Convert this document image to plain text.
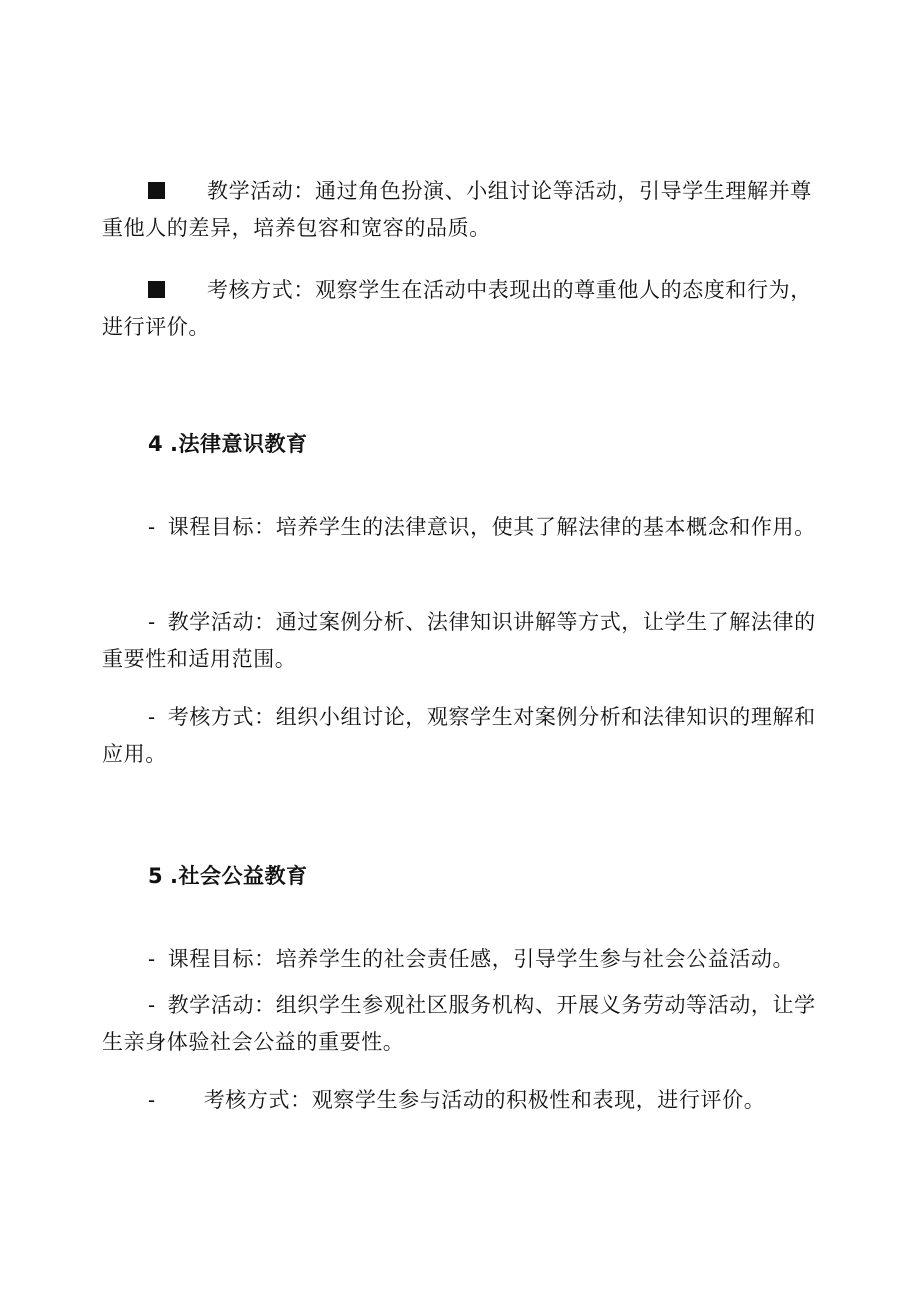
教学活动：通过角色扮演、小组讨论等活动，引导学生理解并尊重他人的差异，培养包容和宽容的品质。
考核方式：观察学生在活动中表现出的尊重他人的态度和行为，进行评价。
4 .法律意识教育
- 课程目标：培养学生的法律意识，使其了解法律的基本概念和作用。
- 教学活动：通过案例分析、法律知识讲解等方式，让学生了解法律的重要性和适用范围。
- 考核方式：组织小组讨论，观察学生对案例分析和法律知识的理解和应用。
5 .社会公益教育
- 课程目标：培养学生的社会责任感，引导学生参与社会公益活动。
- 教学活动：组织学生参观社区服务机构、开展义务劳动等活动，让学生亲身体验社会公益的重要性。
- 考核方式：观察学生参与活动的积极性和表现，进行评价。
